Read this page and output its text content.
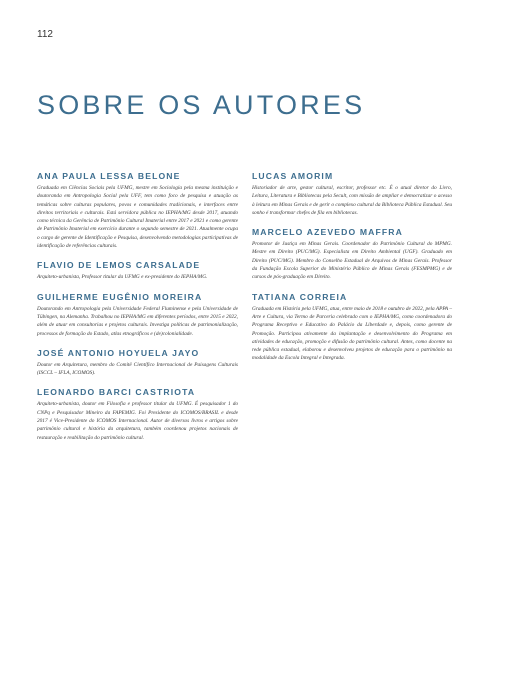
112
SOBRE OS AUTORES
ANA PAULA LESSA BELONE

Graduada em Ciências Sociais pela UFMG, mestre em Sociologia pela mesma instituição e doutoranda em Antropologia Social pela UFF, tem como foco de pesquisa e atuação as temáticas sobre culturas populares, povos e comunidades tradicionais, e interfaces entre direitos territoriais e culturais. Está servidora pública no IEPHA/MG desde 2017, atuando como técnica da Gerência de Patrimônio Cultural Imaterial entre 2017 e 2021 e como gerente de Patrimônio Imaterial em exercício durante o segundo semestre de 2021. Atualmente ocupa o cargo de gerente de Identificação e Pesquisa, desenvolvendo metodologias participativas de identificação de referências culturais.

FLAVIO DE LEMOS CARSALADE

Arquiteto-urbanista, Professor titular da UFMG e ex-presidente do IEPHA/MG.

GUILHERME EUGÊNIO MOREIRA

Doutorando em Antropologia pela Universidade Federal Fluminense e pela Universidade de Tübingen, na Alemanha. Trabalhou no IEPHA/MG em diferentes períodos, entre 2015 e 2022, além de atuar em consultorias e projetos culturais. Investiga políticas de patrimonialização, processos de formação do Estado, atlas etnográficos e (de)colonialidade.

JOSÉ ANTONIO HOYUELA JAYO

Doutor em Arquitetura, membro do Comitê Científico Internacional de Paisagens Culturais (ISCCL – IFLA, ICOMOS).

LEONARDO BARCI CASTRIOTA

Arquiteto-urbanista, doutor em Filosofia e professor titular da UFMG. É pesquisador 1 do CNPq e Pesquisador Mineiro da FAPEMIG. Foi Presidente do ICOMOS/BRASIL e desde 2017 é Vice-Presidente do ICOMOS Internacional. Autor de diversos livros e artigos sobre patrimônio cultural e história da arquitetura, também coordenou projetos nacionais de restauração e reabilitação do patrimônio cultural.

LUCAS AMORIM

Historiador de arte, gestor cultural, escritor, professor etc. É o atual diretor do Livro, Leitura, Literatura e Bibliotecas pela Secult, com missão de ampliar e democratizar o acesso à leitura em Minas Gerais e de gerir o complexo cultural da Biblioteca Pública Estadual. Seu sonho é transformar chefes de fila em bibliotecas.

MARCELO AZEVEDO MAFFRA

Promotor de Justiça em Minas Gerais. Coordenador do Patrimônio Cultural do MPMG. Mestre em Direito (PUC/MG). Especialista em Direito Ambiental (UGF). Graduado em Direito (PUC/MG). Membro do Conselho Estadual de Arquivos de Minas Gerais. Professor da Fundação Escola Superior do Ministério Público de Minas Gerais (FESMPMG) e de cursos de pós-graduação em Direito.

TATIANA CORREIA

Graduada em História pela UFMG, atua, entre maio de 2018 e outubro de 2022, pela APPA – Arte e Cultura, via Termo de Parceria celebrado com o IEPHA/MG, como coordenadora do Programa Receptivo e Educativo do Palácio da Liberdade e, depois, como gerente de Promoção. Participou ativamente da implantação e desenvolvimento do Programa em atividades de educação, promoção e difusão do patrimônio cultural. Antes, como docente na rede pública estadual, elaborou e desenvolveu projetos de educação para o patrimônio na modalidade da Escola Integral e Integrada.
